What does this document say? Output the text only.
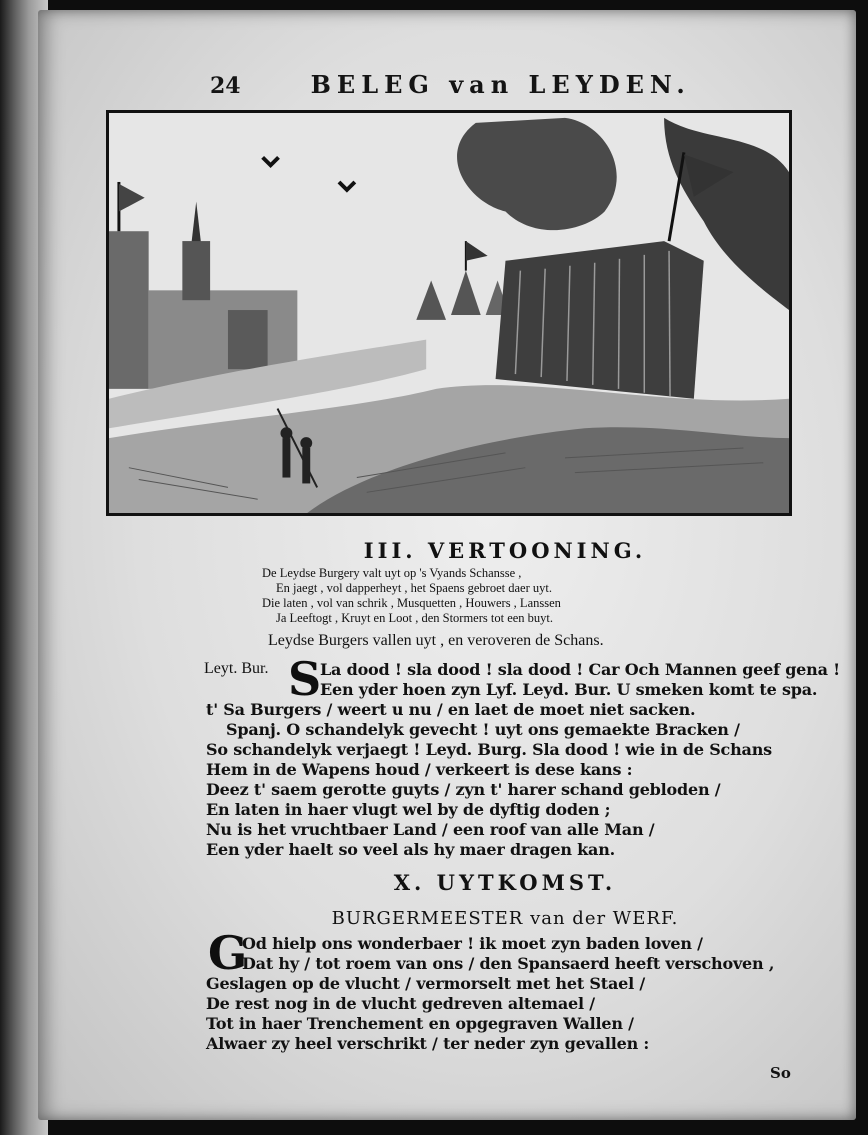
24	BELEG van LEYDEN.
III. VERTOONING.
De Leydse Burgery valt uyt op 's Vyands Schansse ,
En jaegt , vol dapperheyt , het Spaens gebroet daer uyt.
Die laten , vol van schrik , Musquetten , Houwers , Lanssen
Ja Leeftogt , Kruyt en Loot , den Stormers tot een buyt.
Leydse Burgers vallen uyt , en veroveren de Schans.
Leyt. Bur. S
La dood ! sla dood ! sla dood ! Car Och Mannen geef gena !
Een yder hoen zyn Lyf. Leyd. Bur. U smeken komt te spa.
t' Sa Burgers / weert u nu / en laet de moet niet sacken.
Spanj. O schandelyk gevecht ! uyt ons gemaekte Bracken /
So schandelyk verjaegt ! Leyd. Burg. Sla dood ! wie in de Schans
Hem in de Wapens houd / verkeert is dese kans :
Deez t' saem gerotte guyts / zyn t' harer schand gebloden /
En laten in haer vlugt wel by de dyftig doden ;
Nu is het vruchtbaer Land / een roof van alle Man /
Een yder haelt so veel als hy maer dragen kan.
X. UYTKOMST.
BURGERMEESTER van der WERF.
G
Od hielp ons wonderbaer ! ik moet zyn baden loven /
Dat hy / tot roem van ons / den Spansaerd heeft verschoven ,
Geslagen op de vlucht / vermorselt met het Stael /
De rest nog in de vlucht gedreven altemael /
Tot in haer Trenchement en opgegraven Wallen /
Alwaer zy heel verschrikt / ter neder zyn gevallen :
So
